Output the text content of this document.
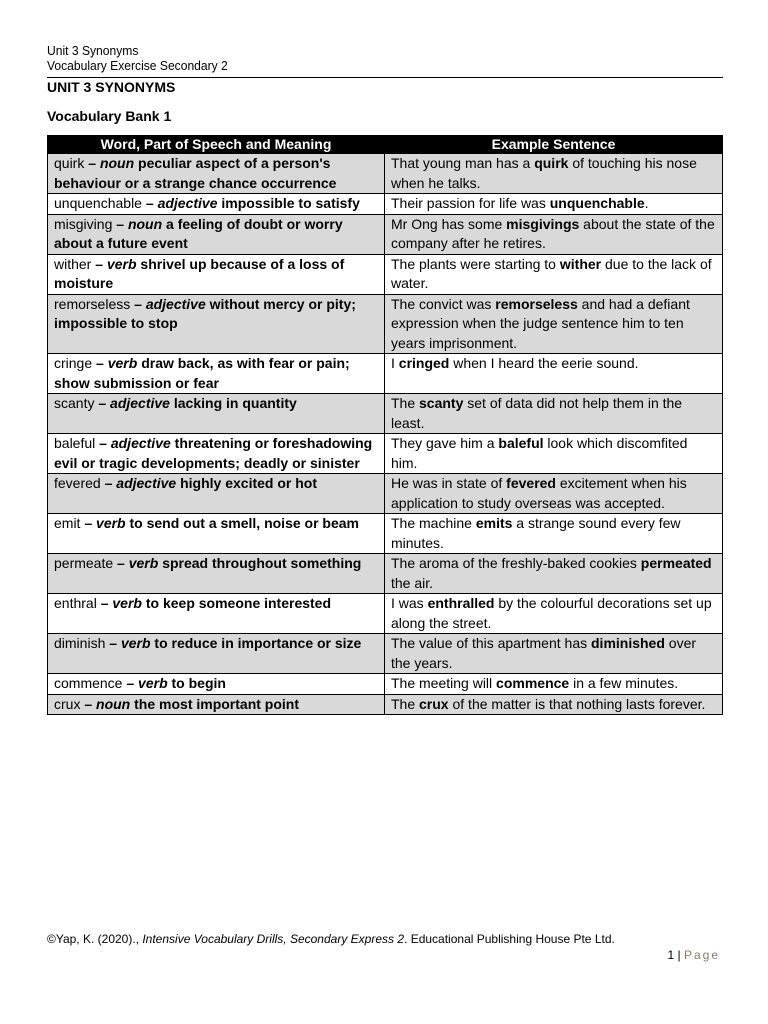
Unit 3 Synonyms
Vocabulary Exercise Secondary 2
UNIT 3 SYNONYMS
Vocabulary Bank 1
Word, Part of Speech and Meaning	Example Sentence
quirk – noun peculiar aspect of a person's behaviour or a strange chance occurrence	That young man has a quirk of touching his nose when he talks.
unquenchable – adjective impossible to satisfy	Their passion for life was unquenchable.
misgiving – noun a feeling of doubt or worry about a future event	Mr Ong has some misgivings about the state of the company after he retires.
wither – verb shrivel up because of a loss of moisture	The plants were starting to wither due to the lack of water.
remorseless – adjective without mercy or pity; impossible to stop	The convict was remorseless and had a defiant expression when the judge sentence him to ten years imprisonment.
cringe – verb draw back, as with fear or pain; show submission or fear	I cringed when I heard the eerie sound.
scanty – adjective lacking in quantity	The scanty set of data did not help them in the least.
baleful – adjective threatening or foreshadowing evil or tragic developments; deadly or sinister	They gave him a baleful look which discomfited him.
fevered – adjective highly excited or hot	He was in state of fevered excitement when his application to study overseas was accepted.
emit – verb to send out a smell, noise or beam	The machine emits a strange sound every few minutes.
permeate – verb spread throughout something	The aroma of the freshly-baked cookies permeated the air.
enthral – verb to keep someone interested	I was enthralled by the colourful decorations set up along the street.
diminish – verb to reduce in importance or size	The value of this apartment has diminished over the years.
commence – verb to begin	The meeting will commence in a few minutes.
crux – noun the most important point	The crux of the matter is that nothing lasts forever.
©Yap, K. (2020)., Intensive Vocabulary Drills, Secondary Express 2. Educational Publishing House Pte Ltd.
1 | Page
